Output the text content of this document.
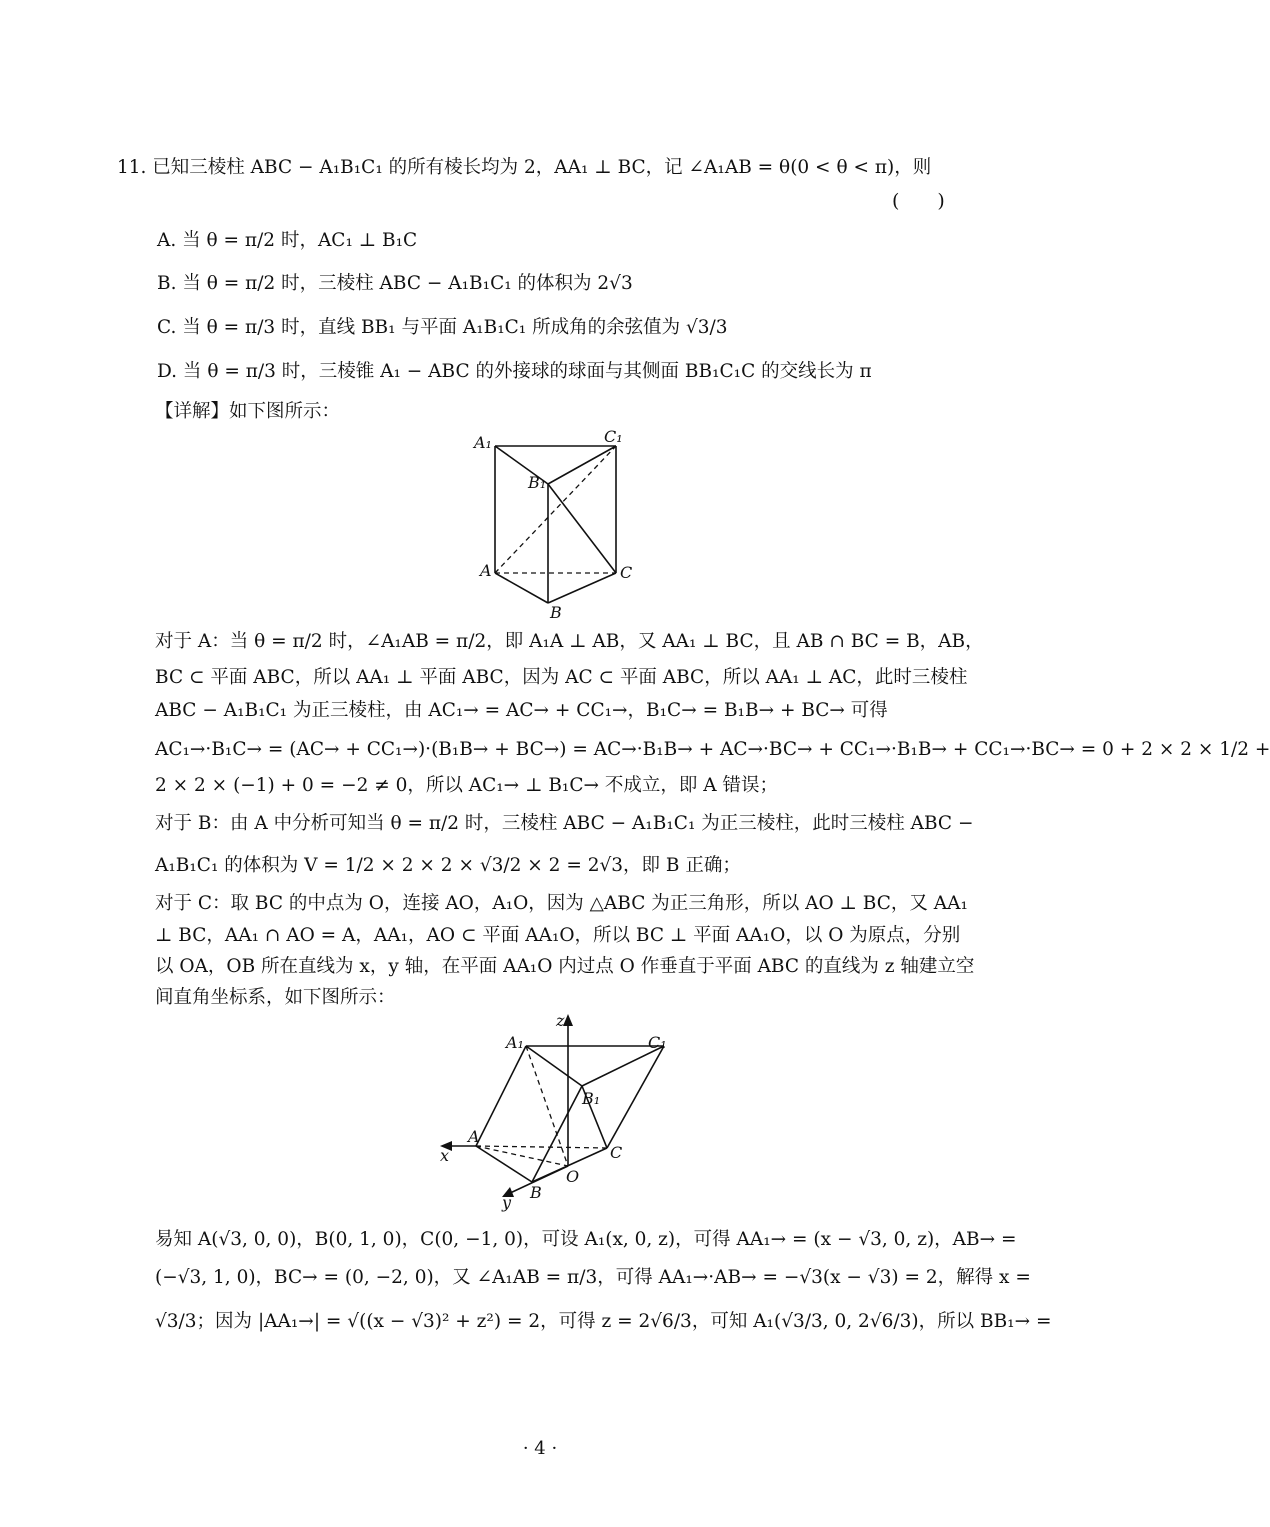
11. 已知三棱柱 ABC − A₁B₁C₁ 的所有棱长均为 2，AA₁ ⊥ BC，记 ∠A₁AB = θ(0 < θ < π)，则
(　　)
A. 当 θ = π/2 时，AC₁ ⊥ B₁C
B. 当 θ = π/2 时，三棱柱 ABC − A₁B₁C₁ 的体积为 2√3
C. 当 θ = π/3 时，直线 BB₁ 与平面 A₁B₁C₁ 所成角的余弦值为 √3/3
D. 当 θ = π/3 时，三棱锥 A₁ − ABC 的外接球的球面与其侧面 BB₁C₁C 的交线长为 π
【详解】如下图所示：
A₁	C₁
B₁
A	C
B
对于 A：当 θ = π/2 时，∠A₁AB = π/2，即 A₁A ⊥ AB，又 AA₁ ⊥ BC，且 AB ∩ BC = B，AB，
BC ⊂ 平面 ABC，所以 AA₁ ⊥ 平面 ABC，因为 AC ⊂ 平面 ABC，所以 AA₁ ⊥ AC，此时三棱柱
ABC − A₁B₁C₁ 为正三棱柱，由 AC₁→ = AC→ + CC₁→，B₁C→ = B₁B→ + BC→ 可得
AC₁→·B₁C→ = (AC→ + CC₁→)·(B₁B→ + BC→) = AC→·B₁B→ + AC→·BC→ + CC₁→·B₁B→ + CC₁→·BC→ = 0 + 2 × 2 × 1/2 +
2 × 2 × (−1) + 0 = −2 ≠ 0，所以 AC₁→ ⊥ B₁C→ 不成立，即 A 错误；
对于 B：由 A 中分析可知当 θ = π/2 时，三棱柱 ABC − A₁B₁C₁ 为正三棱柱，此时三棱柱 ABC −
A₁B₁C₁ 的体积为 V = 1/2 × 2 × 2 × √3/2 × 2 = 2√3，即 B 正确；
对于 C：取 BC 的中点为 O，连接 AO，A₁O，因为 △ABC 为正三角形，所以 AO ⊥ BC，又 AA₁
⊥ BC，AA₁ ∩ AO = A，AA₁，AO ⊂ 平面 AA₁O，所以 BC ⊥ 平面 AA₁O，以 O 为原点，分别
以 OA，OB 所在直线为 x，y 轴，在平面 AA₁O 内过点 O 作垂直于平面 ABC 的直线为 z 轴建立空
间直角坐标系，如下图所示：
z
A₁	C₁
B₁
A
x	C
O
B
y
易知 A(√3, 0, 0)，B(0, 1, 0)，C(0, −1, 0)，可设 A₁(x, 0, z)，可得 AA₁→ = (x − √3, 0, z)，AB→ =
(−√3, 1, 0)，BC→ = (0, −2, 0)，又 ∠A₁AB = π/3，可得 AA₁→·AB→ = −√3(x − √3) = 2，解得 x =
√3/3；因为 |AA₁→| = √((x − √3)² + z²) = 2，可得 z = 2√6/3，可知 A₁(√3/3, 0, 2√6/3)，所以 BB₁→ =
· 4 ·
